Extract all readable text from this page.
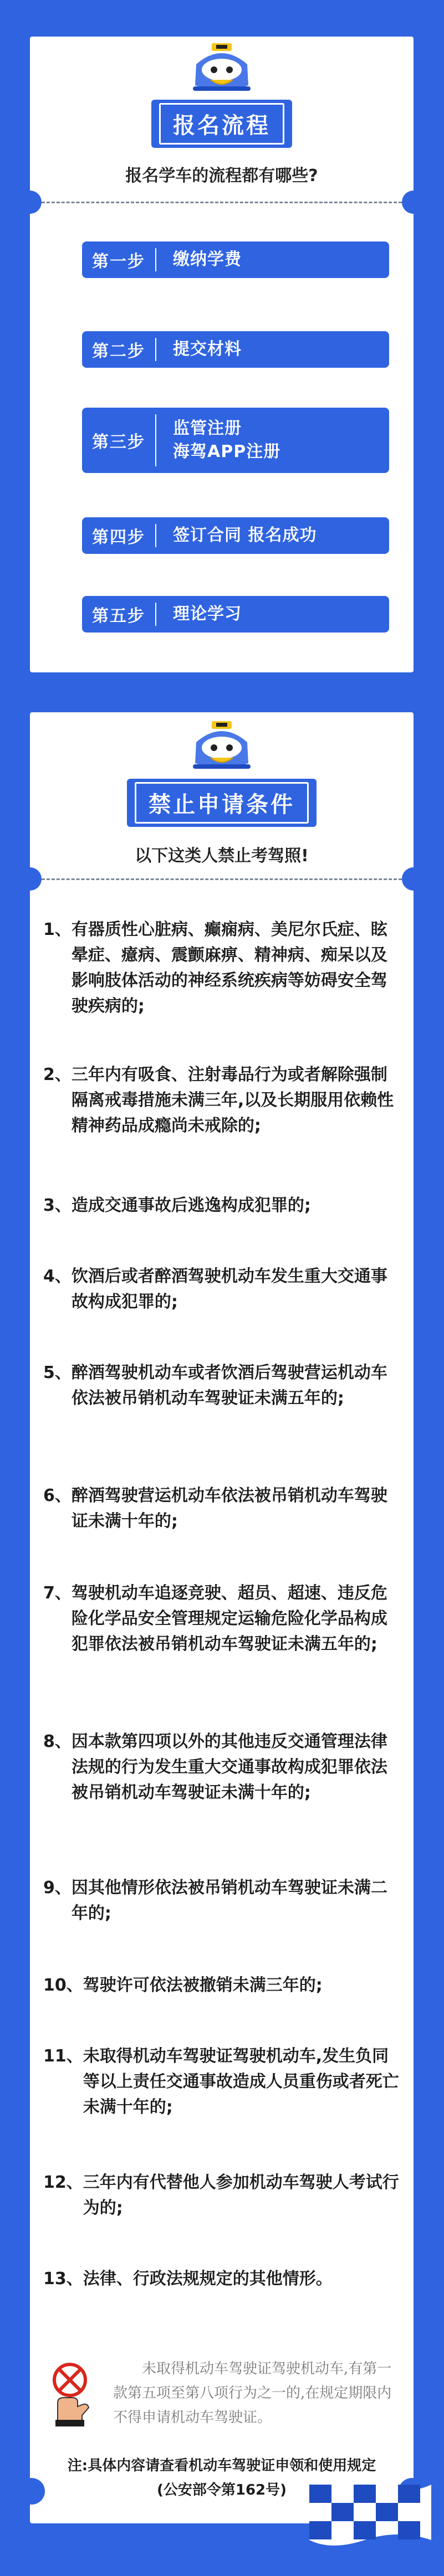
报名流程
报名学车的流程都有哪些?
第一步	缴纳学费
第二步	提交材料
第三步
监管注册
海驾APP注册
第四步	签订合同 报名成功
第五步	理论学习
禁止申请条件
以下这类人禁止考驾照!
1、 有器质性心脏病、癫痫病、美尼尔氏症、眩晕症、癔病、震颤麻痹、精神病、痴呆以及影响肢体活动的神经系统疾病等妨碍安全驾驶疾病的;
2、 三年内有吸食、注射毒品行为或者解除强制隔离戒毒措施未满三年,以及长期服用依赖性精神药品成瘾尚未戒除的;
3、 造成交通事故后逃逸构成犯罪的;
4、 饮酒后或者醉酒驾驶机动车发生重大交通事故构成犯罪的;
5、 醉酒驾驶机动车或者饮酒后驾驶营运机动车依法被吊销机动车驾驶证未满五年的;
6、 醉酒驾驶营运机动车依法被吊销机动车驾驶证未满十年的;
7、 驾驶机动车追逐竞驶、超员、超速、违反危险化学品安全管理规定运输危险化学品构成犯罪依法被吊销机动车驾驶证未满五年的;
8、 因本款第四项以外的其他违反交通管理法律法规的行为发生重大交通事故构成犯罪依法被吊销机动车驾驶证未满十年的;
9、 因其他情形依法被吊销机动车驾驶证未满二年的;
10、 驾驶许可依法被撤销未满三年的;
11、 未取得机动车驾驶证驾驶机动车,发生负同等以上责任交通事故造成人员重伤或者死亡未满十年的;
12、 三年内有代替他人参加机动车驾驶人考试行为的;
13、 法律、行政法规规定的其他情形。
未取得机动车驾驶证驾驶机动车,有第一款第五项至第八项行为之一的,在规定期限内不得申请机动车驾驶证。
注:具体内容请查看机动车驾驶证申领和使用规定
(公安部令第162号)
